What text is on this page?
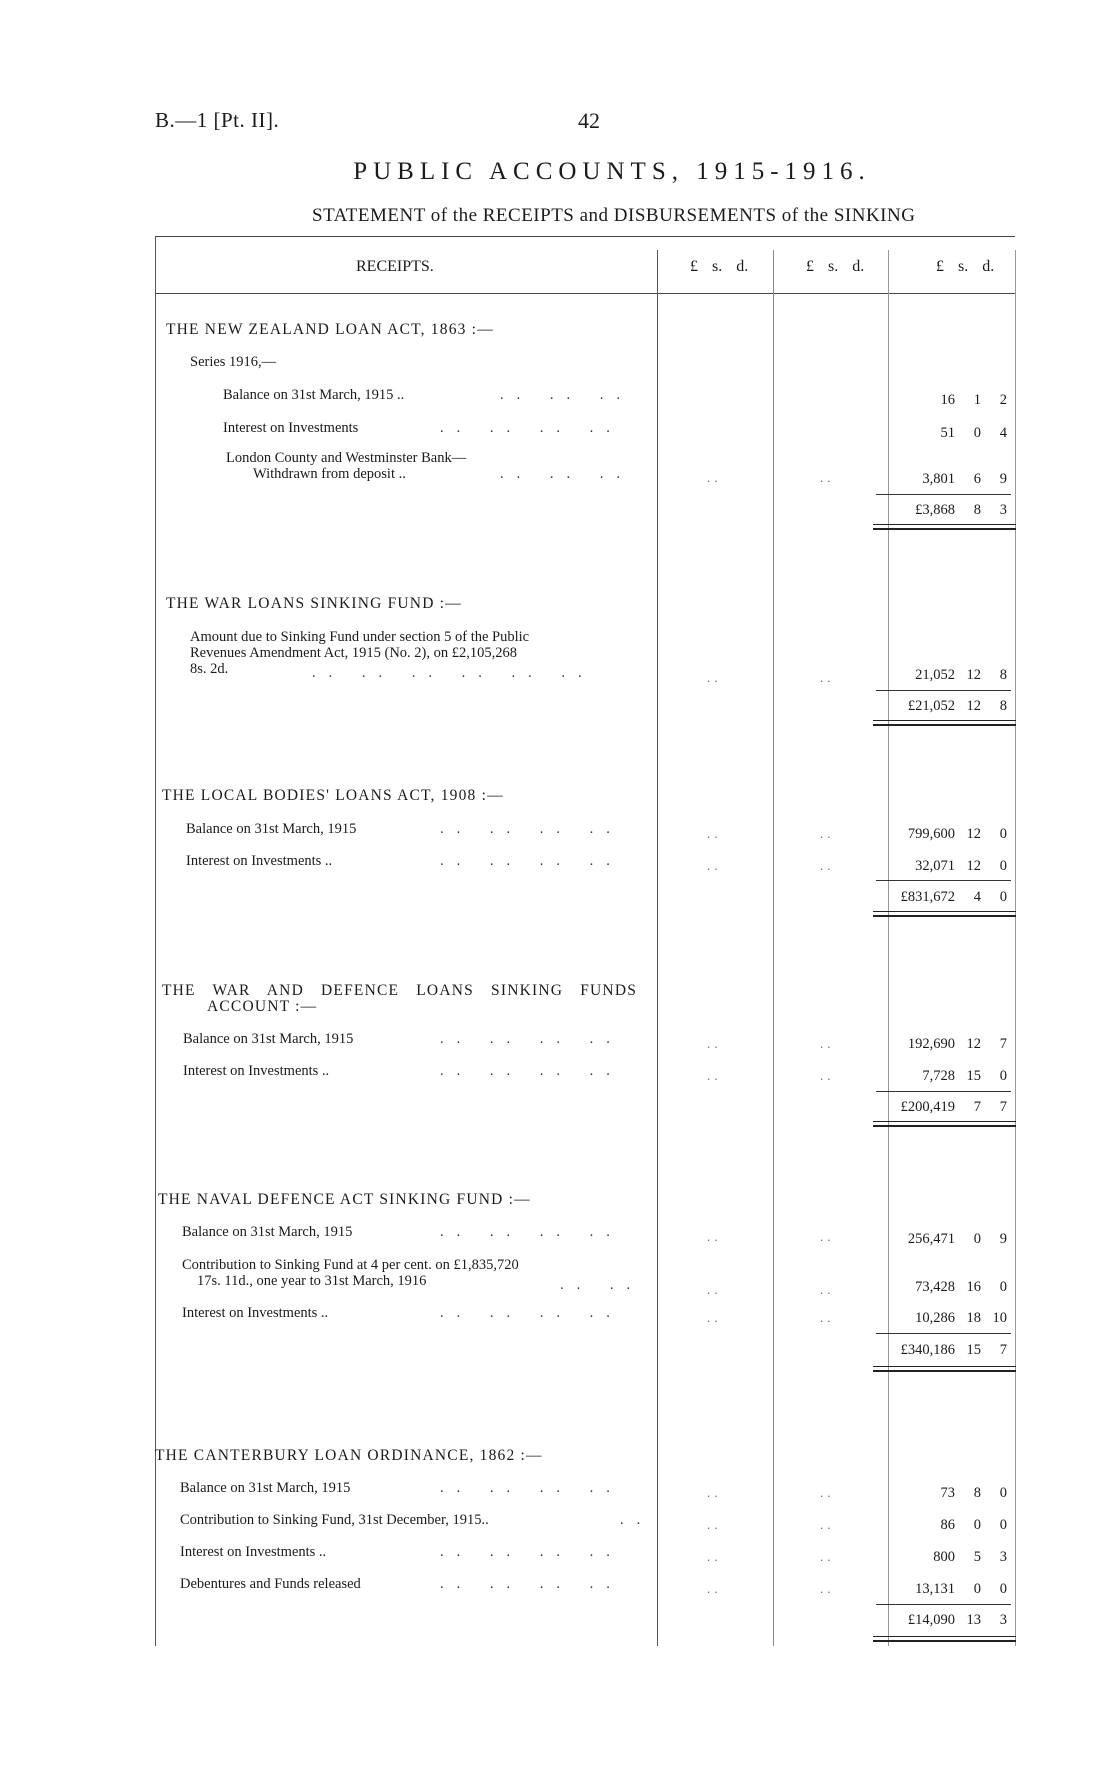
B.—1 [Pt. II].	42
PUBLIC ACCOUNTS, 1915-1916.
STATEMENT of the RECEIPTS and DISBURSEMENTS of the SINKING
RECEIPTS.	£ s. d.	£ s. d.	£ s. d.
THE NEW ZEALAND LOAN ACT, 1863 :—
Series 1916,—
Balance on 31st March, 1915 ..	.. .. ..	16 1 2
Interest on Investments	.. .. .. ..	51 0 4
London County and Westminster Bank—
Withdrawn from deposit ..	.. .. ..	..	..	3,801 6 9
£3,868 8 3
THE WAR LOANS SINKING FUND :—
Amount due to Sinking Fund under section 5 of the Public
Revenues Amendment Act, 1915 (No. 2), on £2,105,268
8s. 2d.	.. .. .. .. .. ..	..	..	21,052 12 8
£21,052 12 8
THE LOCAL BODIES' LOANS ACT, 1908 :—
Balance on 31st March, 1915	.. .. .. ..	..	..	799,600 12 0
Interest on Investments ..	.. .. .. ..	..	..	32,071 12 0
£831,672 4 0
THE WAR AND DEFENCE LOANS SINKING FUNDS
ACCOUNT :—
Balance on 31st March, 1915	.. .. .. ..	..	..	192,690 12 7
Interest on Investments ..	.. .. .. ..	..	..	7,728 15 0
£200,419 7 7
THE NAVAL DEFENCE ACT SINKING FUND :—
Balance on 31st March, 1915	.. .. .. ..	..	..	256,471 0 9
Contribution to Sinking Fund at 4 per cent. on £1,835,720
17s. 11d., one year to 31st March, 1916	.. ..	..	..	73,428 16 0
Interest on Investments ..	.. .. .. ..	..	..	10,286 18 10
£340,186 15 7
THE CANTERBURY LOAN ORDINANCE, 1862 :—
Balance on 31st March, 1915	.. .. .. ..	..	..	73 8 0
Contribution to Sinking Fund, 31st December, 1915..	..	..	..	86 0 0
Interest on Investments ..	.. .. .. ..	..	..	800 5 3
Debentures and Funds released	.. .. .. ..	..	..	13,131 0 0
£14,090 13 3
